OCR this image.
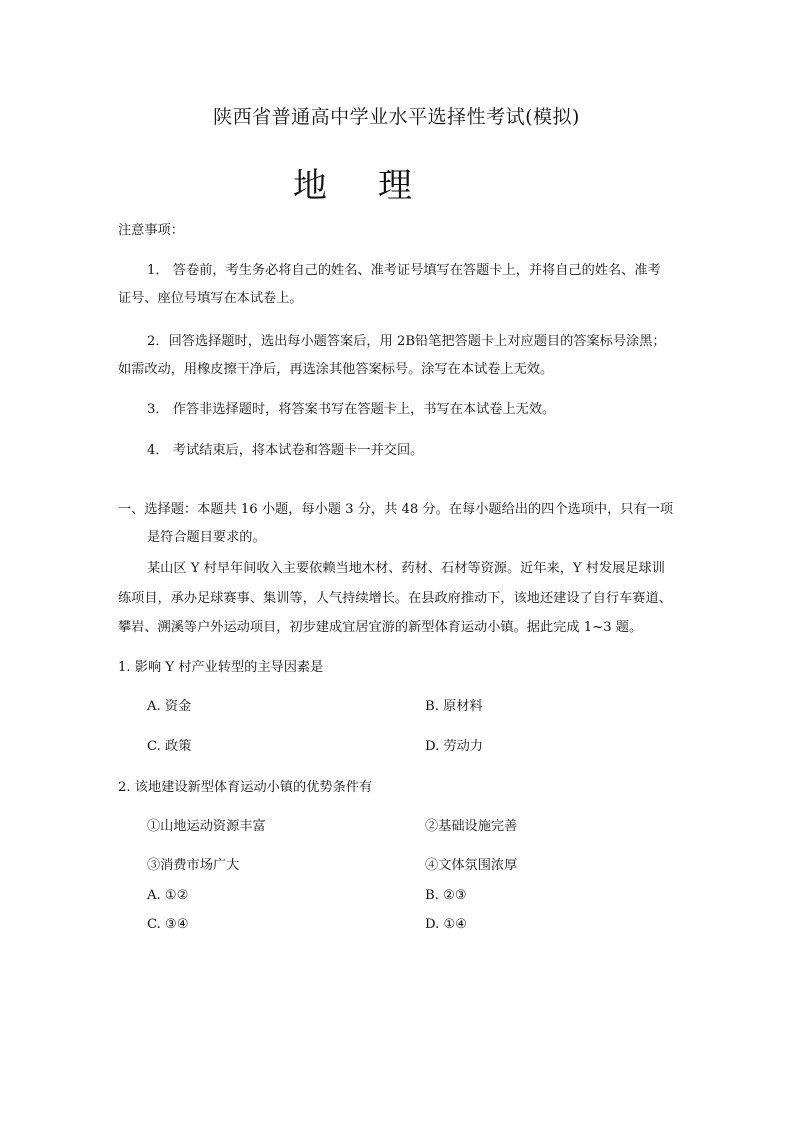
陕西省普通高中学业水平选择性考试(模拟)
地 理
注意事项：
1． 答卷前，考生务必将自己的姓名、准考证号填写在答题卡上，并将自己的姓名、准考
证号、座位号填写在本试卷上。
2．回答选择题时，选出每小题答案后，用 2B铅笔把答题卡上对应题目的答案标号涂黑；
如需改动，用橡皮擦干净后，再选涂其他答案标号。涂写在本试卷上无效。
3． 作答非选择题时，将答案书写在答题卡上，书写在本试卷上无效。
4． 考试结束后，将本试卷和答题卡一并交回。
一、选择题：本题共 16 小题，每小题 3 分，共 48 分。在每小题给出的四个选项中，只有一项
是符合题目要求的。
某山区 Y 村早年间收入主要依赖当地木材、药材、石材等资源。近年来，Y 村发展足球训
练项目，承办足球赛事、集训等，人气持续增长。在县政府推动下，该地还建设了自行车赛道、
攀岩、溯溪等户外运动项目，初步建成宜居宜游的新型体育运动小镇。据此完成 1~3 题。
1. 影响 Y 村产业转型的主导因素是
A. 资金	B. 原材料
C. 政策	D. 劳动力
2. 该地建设新型体育运动小镇的优势条件有
①山地运动资源丰富	②基础设施完善
③消费市场广大	④文体氛围浓厚
A. ①②	B. ②③
C. ③④	D. ①④
